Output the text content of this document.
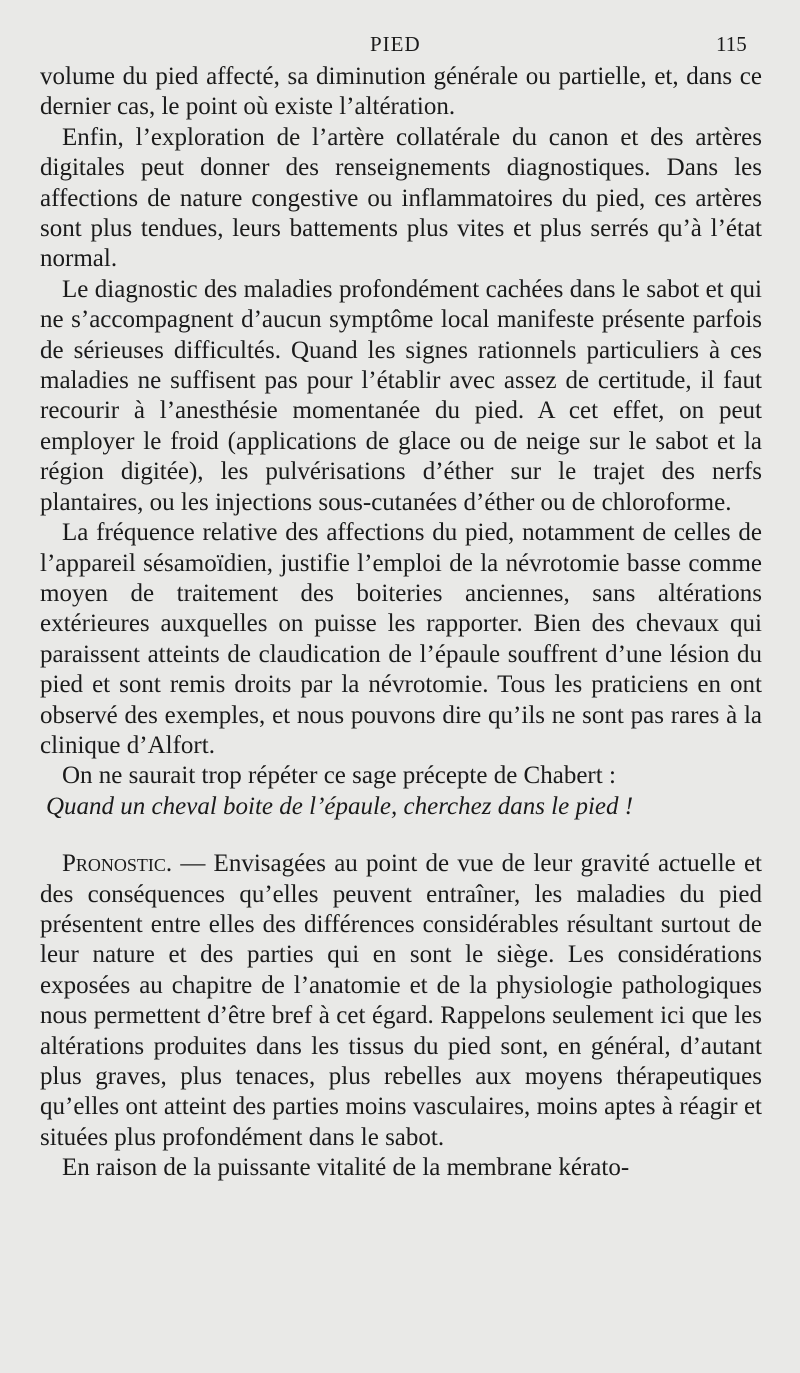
PIED	115

volume du pied affecté, sa diminution générale ou partielle, et, dans ce dernier cas, le point où existe l’altération.

Enfin, l’exploration de l’artère collatérale du canon et des artères digitales peut donner des renseignements diagnostiques. Dans les affections de nature congestive ou inflammatoires du pied, ces artères sont plus tendues, leurs battements plus vites et plus serrés qu’à l’état normal.

Le diagnostic des maladies profondément cachées dans le sabot et qui ne s’accompagnent d’aucun symptôme local manifeste présente parfois de sérieuses difficultés. Quand les signes rationnels particuliers à ces maladies ne suffisent pas pour l’établir avec assez de certitude, il faut recourir à l’anesthésie momentanée du pied. A cet effet, on peut employer le froid (applications de glace ou de neige sur le sabot et la région digitée), les pulvérisations d’éther sur le trajet des nerfs plantaires, ou les injections sous-cutanées d’éther ou de chloroforme.

La fréquence relative des affections du pied, notamment de celles de l’appareil sésamoïdien, justifie l’emploi de la névrotomie basse comme moyen de traitement des boiteries anciennes, sans altérations extérieures auxquelles on puisse les rapporter. Bien des chevaux qui paraissent atteints de claudication de l’épaule souffrent d’une lésion du pied et sont remis droits par la névrotomie. Tous les praticiens en ont observé des exemples, et nous pouvons dire qu’ils ne sont pas rares à la clinique d’Alfort.

On ne saurait trop répéter ce sage précepte de Chabert :

Quand un cheval boite de l’épaule, cherchez dans le pied !

Pronostic. — Envisagées au point de vue de leur gravité actuelle et des conséquences qu’elles peuvent entraîner, les maladies du pied présentent entre elles des différences considérables résultant surtout de leur nature et des parties qui en sont le siège. Les considérations exposées au chapitre de l’anatomie et de la physiologie pathologiques nous permettent d’être bref à cet égard. Rappelons seulement ici que les altérations produites dans les tissus du pied sont, en général, d’autant plus graves, plus tenaces, plus rebelles aux moyens thérapeutiques qu’elles ont atteint des parties moins vasculaires, moins aptes à réagir et situées plus profondément dans le sabot.

En raison de la puissante vitalité de la membrane kérato-
